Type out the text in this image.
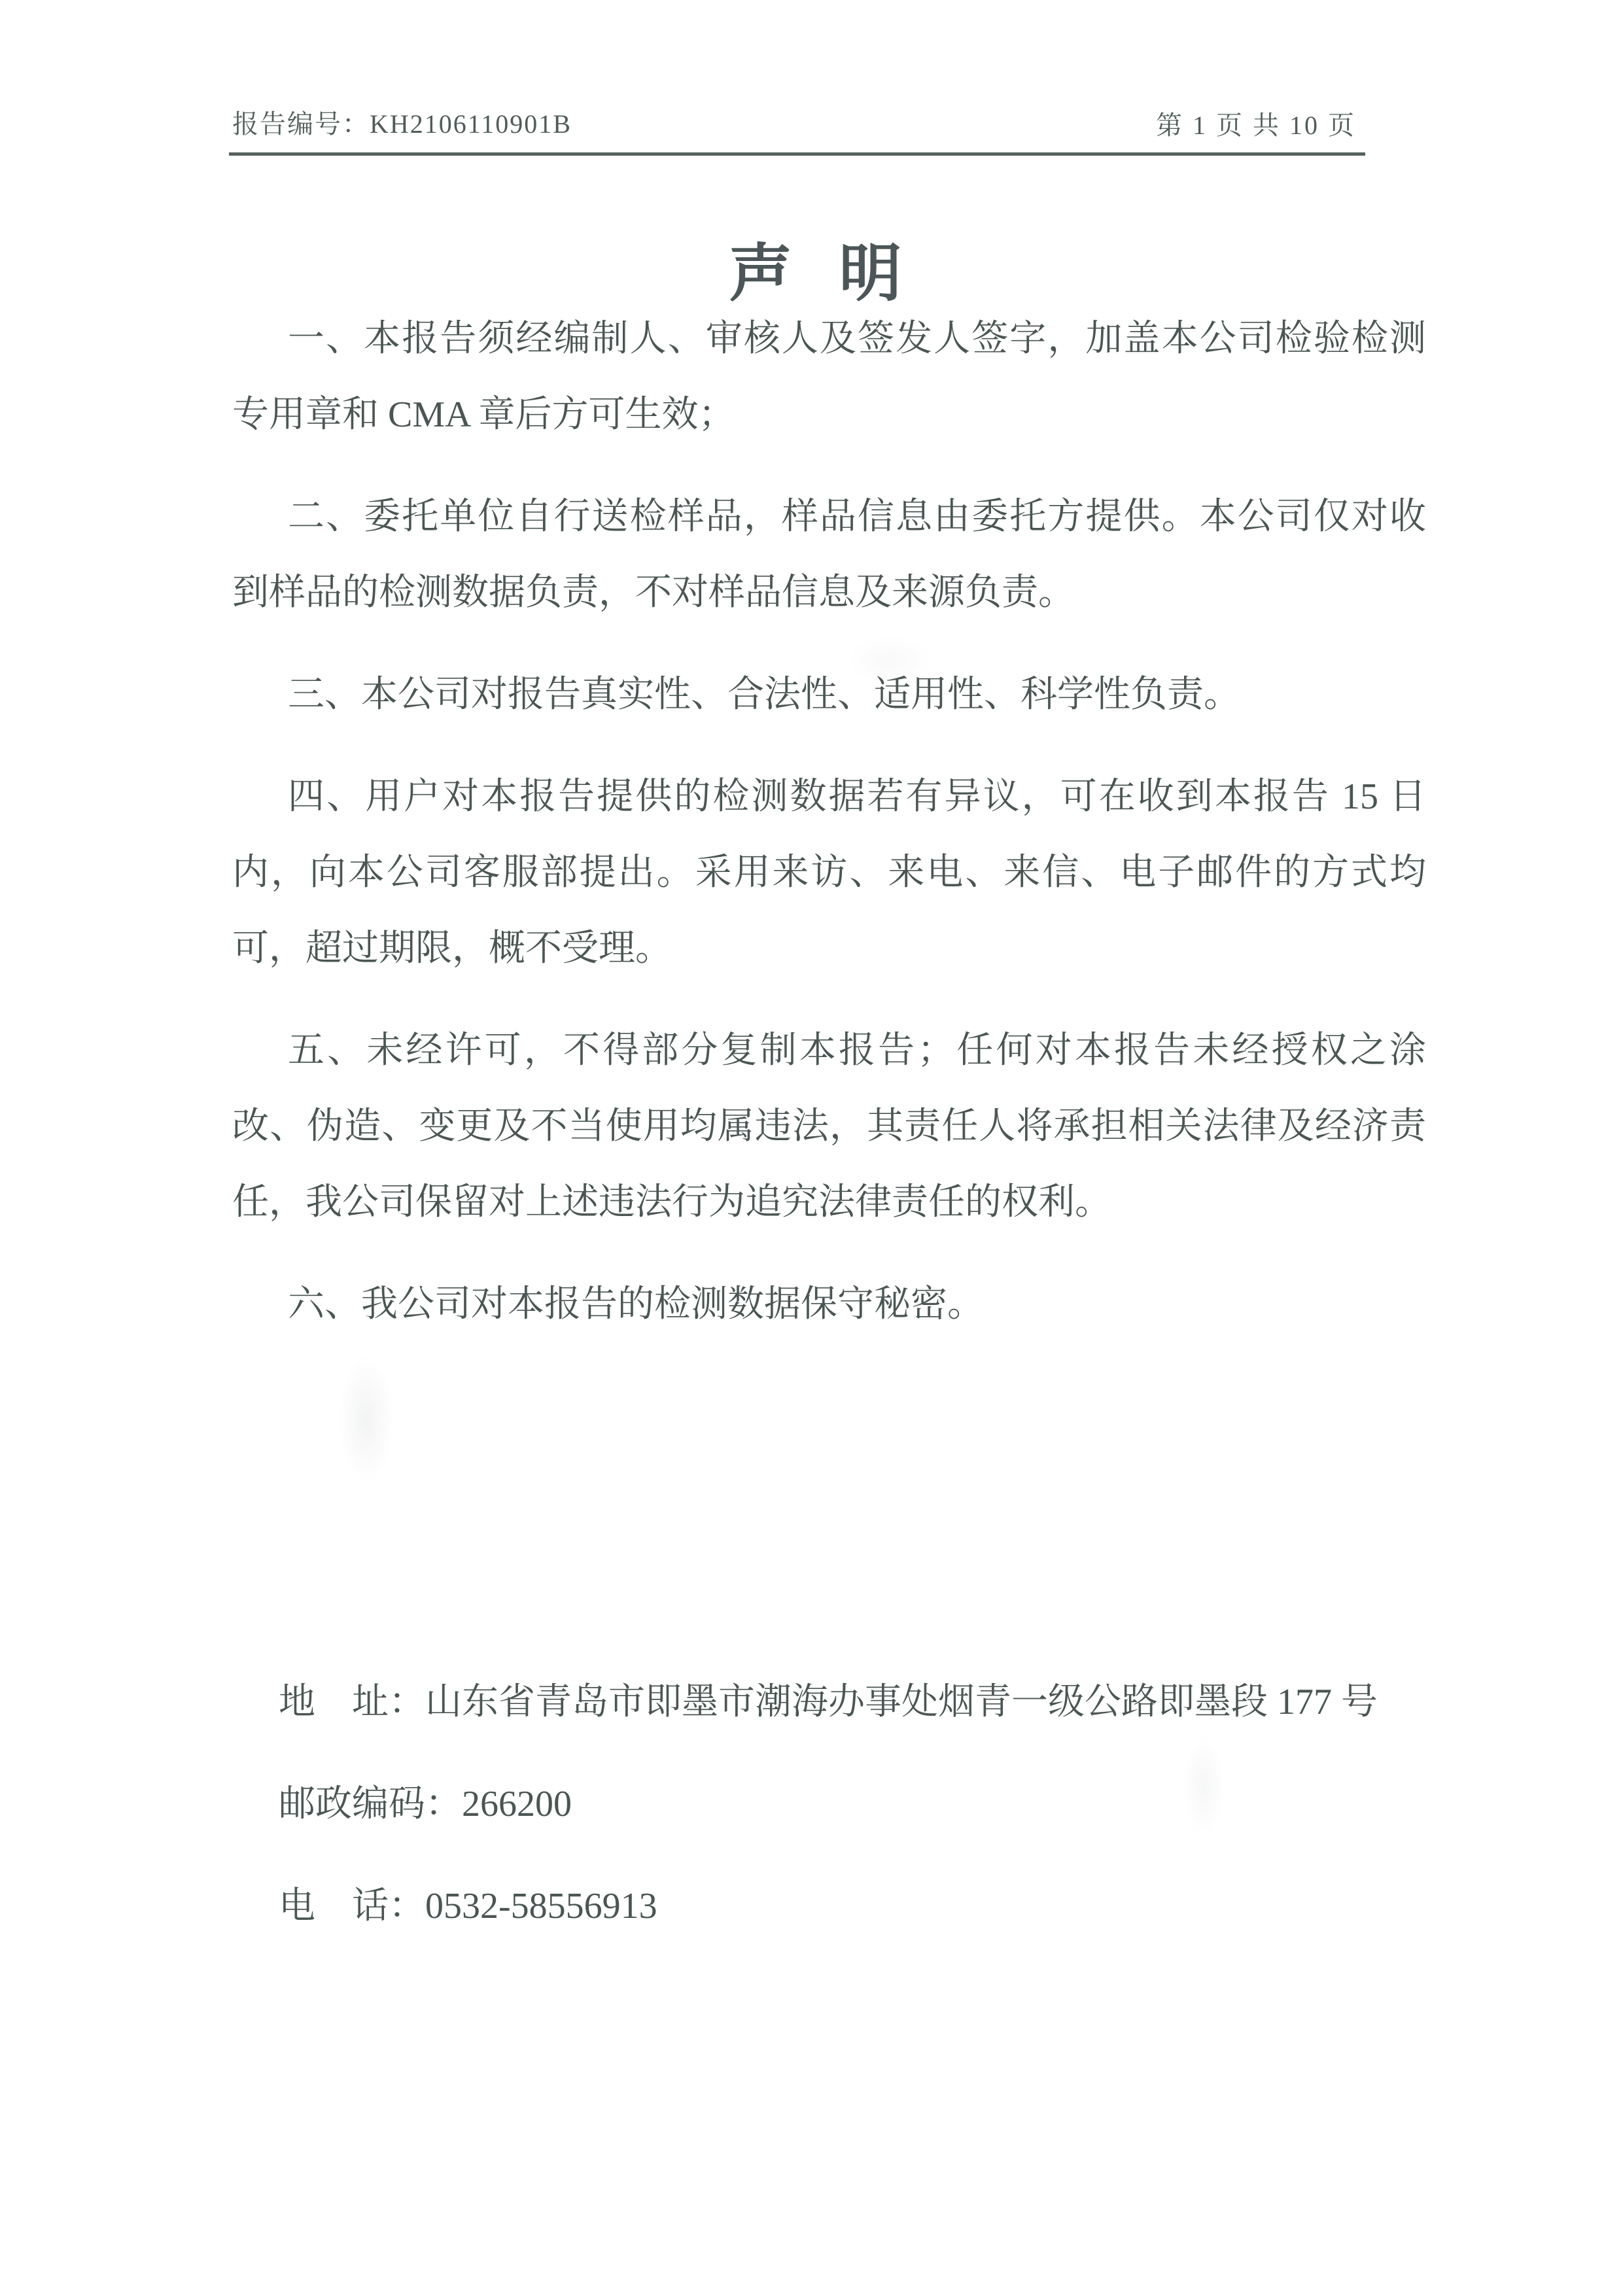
报告编号：KH2106110901B	第 1 页 共 10 页
声　明
一、本报告须经编制人、审核人及签发人签字，加盖本公司检验检测
专用章和 CMA 章后方可生效；
二、委托单位自行送检样品，样品信息由委托方提供。本公司仅对收
到样品的检测数据负责，不对样品信息及来源负责。
三、本公司对报告真实性、合法性、适用性、科学性负责。
四、用户对本报告提供的检测数据若有异议，可在收到本报告 15 日
内，向本公司客服部提出。采用来访、来电、来信、电子邮件的方式均
可，超过期限，概不受理。
五、未经许可，不得部分复制本报告；任何对本报告未经授权之涂
改、伪造、变更及不当使用均属违法，其责任人将承担相关法律及经济责
任，我公司保留对上述违法行为追究法律责任的权利。
六、我公司对本报告的检测数据保守秘密。
地　址：山东省青岛市即墨市潮海办事处烟青一级公路即墨段 177 号
邮政编码：266200
电　话：0532-58556913
